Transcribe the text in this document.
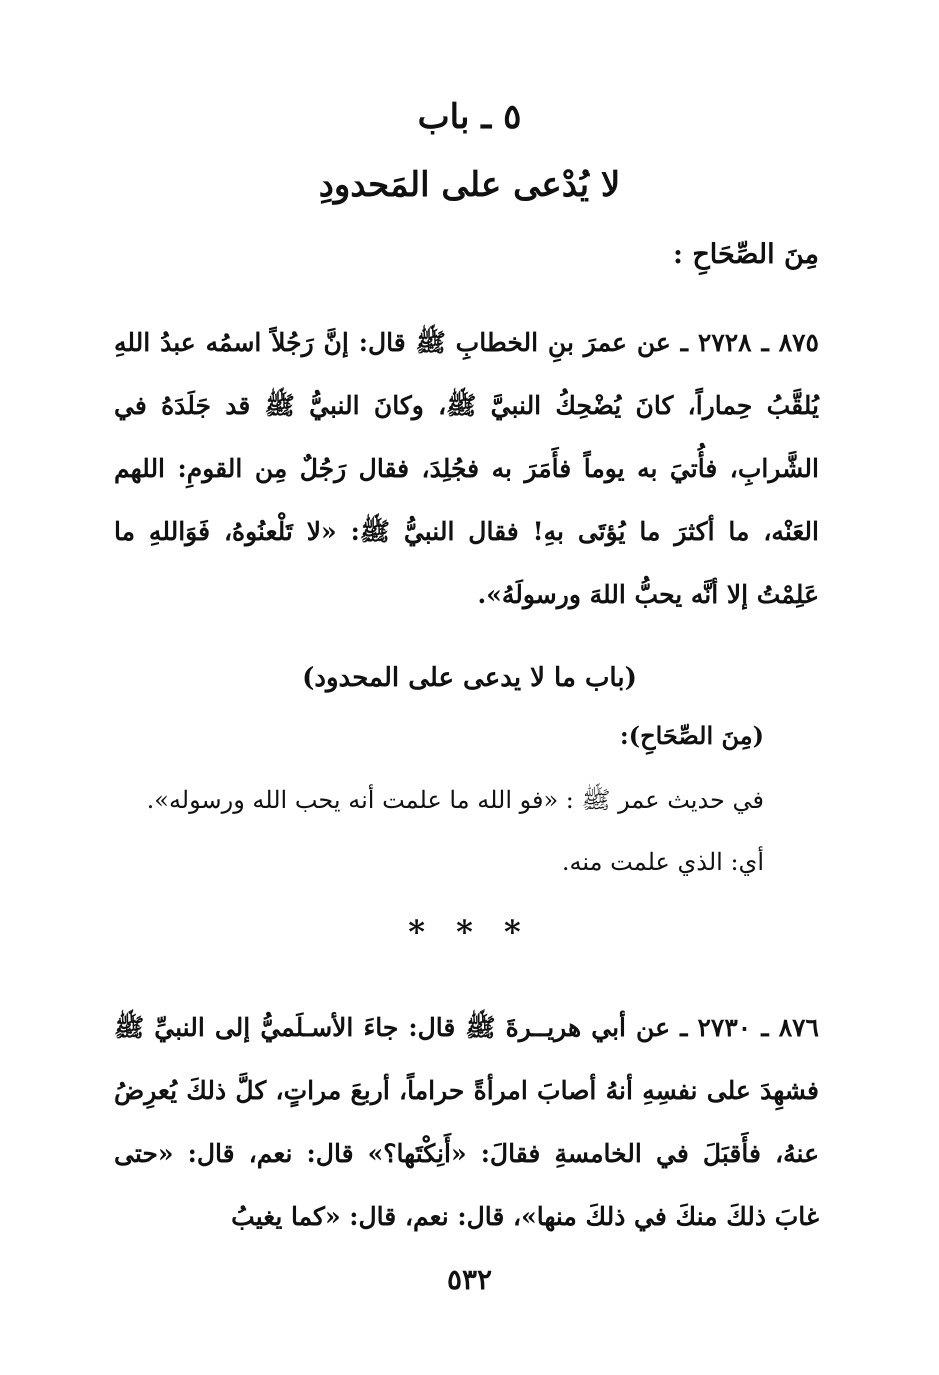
٥ ـ باب
لا يُدْعى على المَحدودِ
مِنَ الصِّحَاحِ :
٨٧٥ ـ ٢٧٢٨ ـ عن عمرَ بنِ الخطابِ ﷺ قال: إنَّ رَجُلاً اسمُه عبدُ اللهِ يُلقَّبُ حِماراً، كانَ يُضْحِكُ النبيَّ ﷺ، وكانَ النبيُّ ﷺ قد جَلَدَهُ في الشَّرابِ، فأُتيَ به يوماً فأَمَرَ به فجُلِدَ، فقال رَجُلٌ مِن القومِ: اللهم العَنْه، ما أكثرَ ما يُؤتَى بهِ! فقال النبيُّ ﷺ: «لا تَلْعنُوهُ، فَوَاللهِ ما عَلِمْتُ إلا أنَّه يحبُّ اللهَ ورسولَهُ».
(باب ما لا يدعى على المحدود)
(مِنَ الصِّحَاحِ):
في حديث عمر ﷺ : «فو الله ما علمت أنه يحب الله ورسوله».
أي: الذي علمت منه.
* * *
٨٧٦ ـ ٢٧٣٠ ـ عن أبي هريــرةَ ﷺ قال: جاءَ الأسـلَميُّ إلى النبيِّ ﷺ فشهِدَ على نفسِهِ أنهُ أصابَ امرأةً حراماً، أربعَ مراتٍ، كلَّ ذلكَ يُعرِضُ عنهُ، فأَقبَلَ في الخامسةِ فقالَ: «أَنِكْتَها؟» قال: نعم، قال: «حتى غابَ ذلكَ منكَ في ذلكَ منها»، قال: نعم، قال: «كما يغيبُ
٥٣٢
